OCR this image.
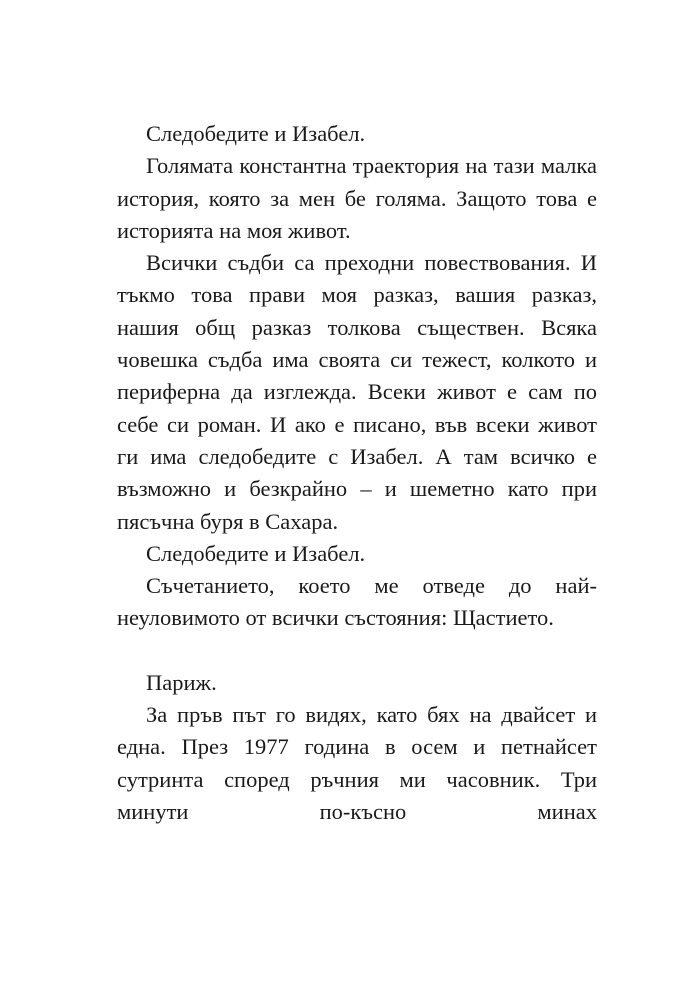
Следобедите и Изабел.

Голямата константна траектория на тази малка история, която за мен бе голяма. Защото това е историята на моя живот.

Всички съдби са преходни повествования. И тъкмо това прави моя разказ, вашия разказ, нашия общ разказ толкова съществен. Всяка човешка съдба има своята си тежест, колкото и периферна да изглежда. Всеки живот е сам по себе си роман. И ако е писано, във всеки живот ги има следобедите с Изабел. А там всичко е възможно и безкрайно – и шеметно като при пясъчна буря в Сахара.

Следобедите и Изабел.

Съчетанието, което ме отведе до най-неуловимото от всички състояния: Щастието.

Париж.

За пръв път го видях, като бях на двайсет и една. През 1977 година в осем и петнайсет сутринта според ръчния ми часовник. Три минути по-късно минах
